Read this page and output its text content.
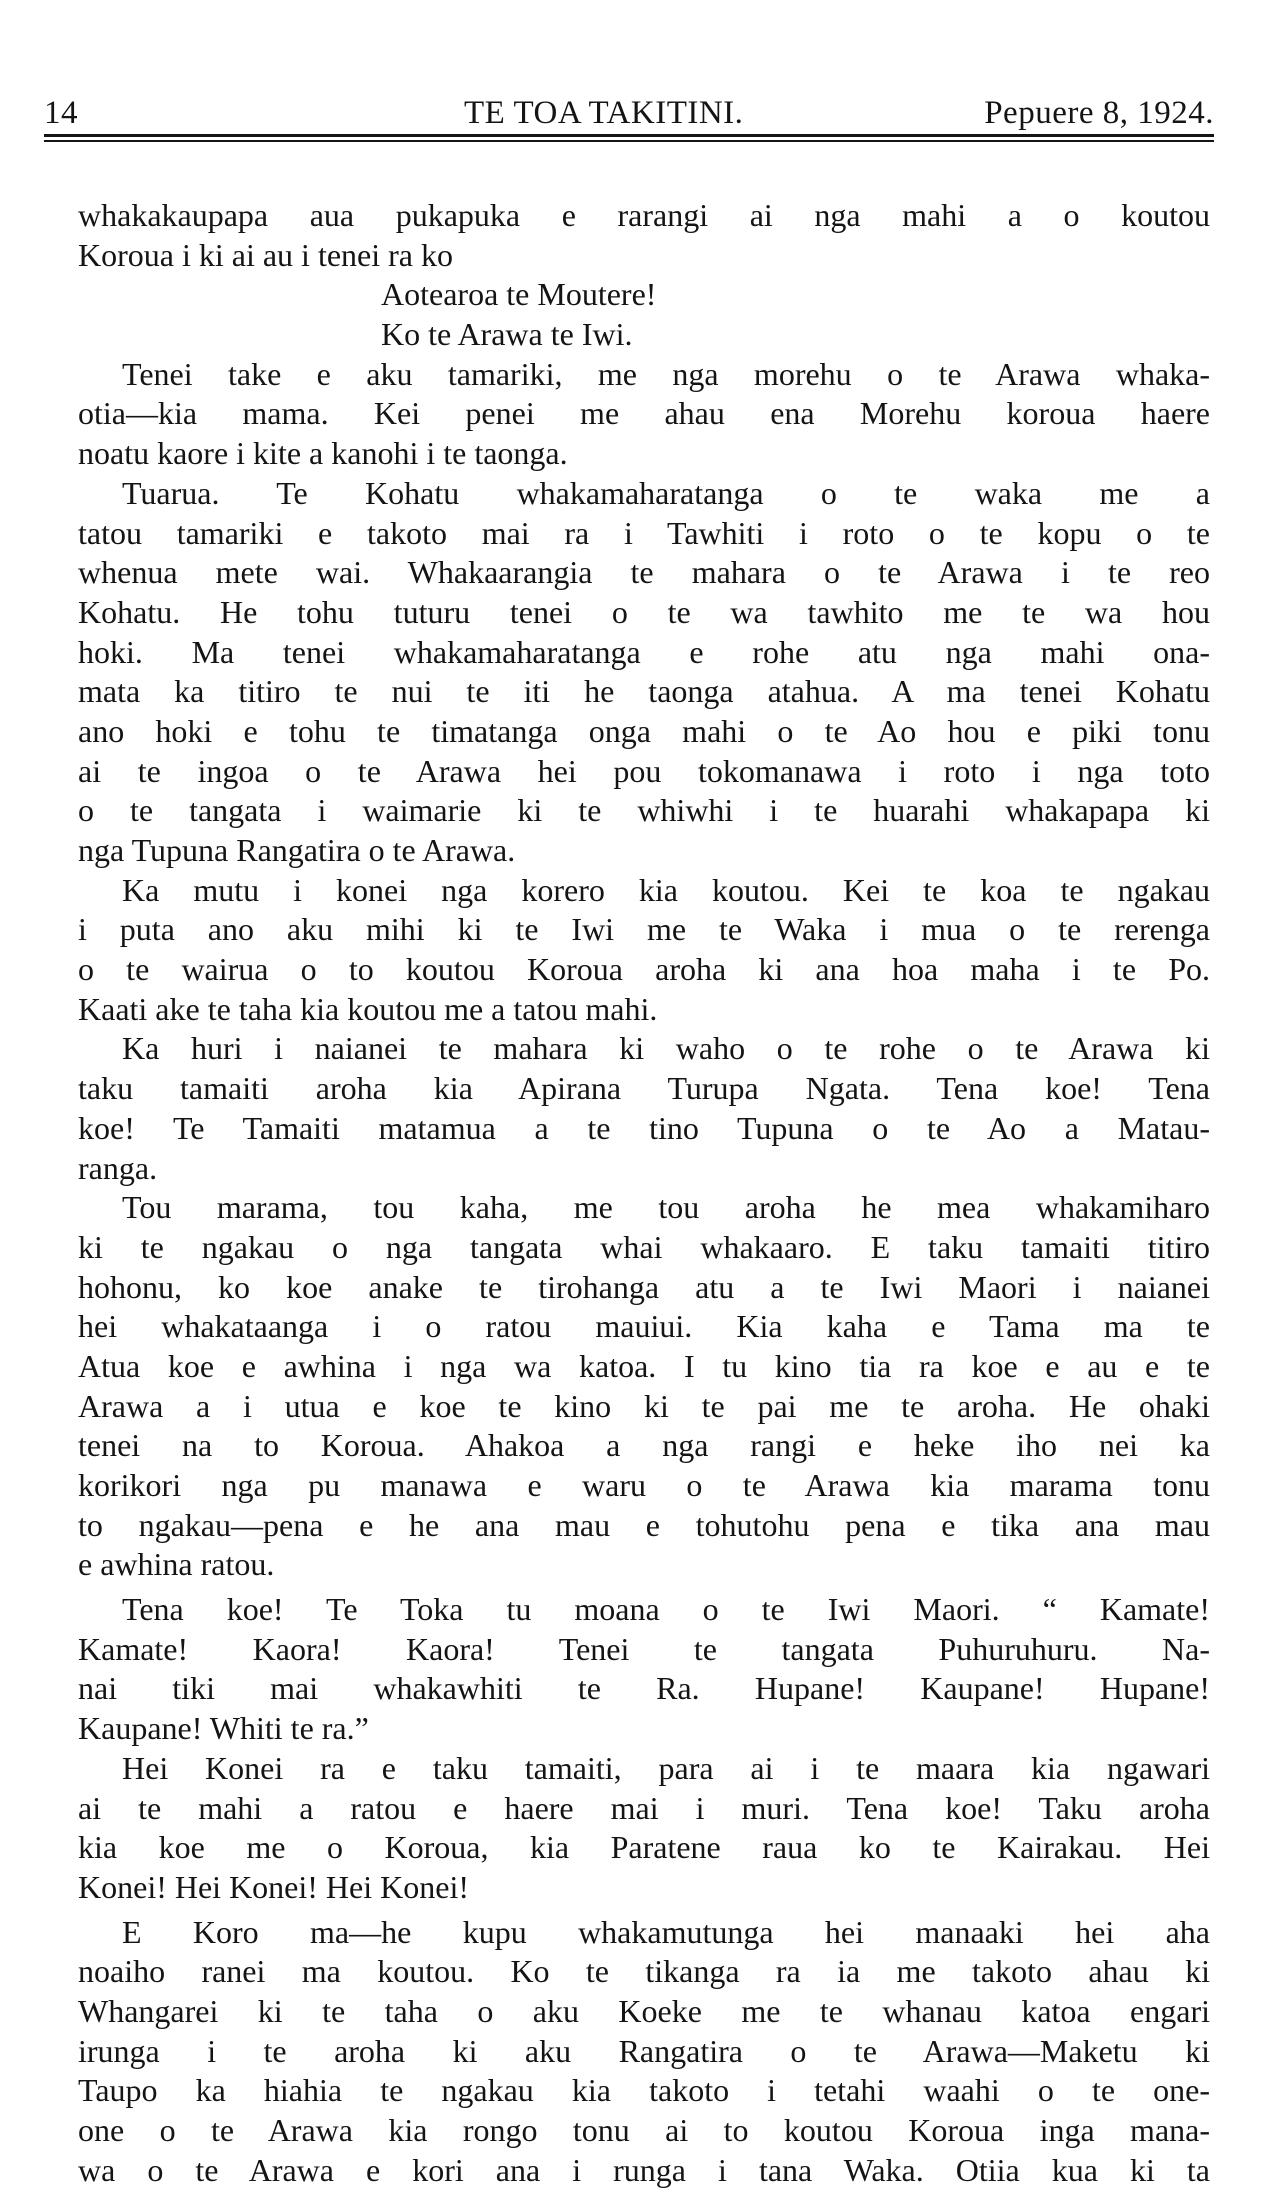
14	TE TOA TAKITINI.	Pepuere 8, 1924.
whakakaupapa aua pukapuka e rarangi ai nga mahi a o koutou
Koroua i ki ai au i tenei ra ko
Aotearoa te Moutere!
Ko te Arawa te Iwi.
Tenei take e aku tamariki, me nga morehu o te Arawa whaka-
otia—kia mama. Kei penei me ahau ena Morehu koroua haere
noatu kaore i kite a kanohi i te taonga.
Tuarua. Te Kohatu whakamaharatanga o te waka me a
tatou tamariki e takoto mai ra i Tawhiti i roto o te kopu o te
whenua mete wai. Whakaarangia te mahara o te Arawa i te reo
Kohatu. He tohu tuturu tenei o te wa tawhito me te wa hou
hoki. Ma tenei whakamaharatanga e rohe atu nga mahi ona-
mata ka titiro te nui te iti he taonga atahua. A ma tenei Kohatu
ano hoki e tohu te timatanga onga mahi o te Ao hou e piki tonu
ai te ingoa o te Arawa hei pou tokomanawa i roto i nga toto
o te tangata i waimarie ki te whiwhi i te huarahi whakapapa ki
nga Tupuna Rangatira o te Arawa.
Ka mutu i konei nga korero kia koutou. Kei te koa te ngakau
i puta ano aku mihi ki te Iwi me te Waka i mua o te rerenga
o te wairua o to koutou Koroua aroha ki ana hoa maha i te Po.
Kaati ake te taha kia koutou me a tatou mahi.
Ka huri i naianei te mahara ki waho o te rohe o te Arawa ki
taku tamaiti aroha kia Apirana Turupa Ngata. Tena koe! Tena
koe! Te Tamaiti matamua a te tino Tupuna o te Ao a Matau-
ranga.
Tou marama, tou kaha, me tou aroha he mea whakamiharo
ki te ngakau o nga tangata whai whakaaro. E taku tamaiti titiro
hohonu, ko koe anake te tirohanga atu a te Iwi Maori i naianei
hei whakataanga i o ratou mauiui. Kia kaha e Tama ma te
Atua koe e awhina i nga wa katoa. I tu kino tia ra koe e au e te
Arawa a i utua e koe te kino ki te pai me te aroha. He ohaki
tenei na to Koroua. Ahakoa a nga rangi e heke iho nei ka
korikori nga pu manawa e waru o te Arawa kia marama tonu
to ngakau—pena e he ana mau e tohutohu pena e tika ana mau
e awhina ratou.
Tena koe! Te Toka tu moana o te Iwi Maori. “ Kamate!
Kamate! Kaora! Kaora! Tenei te tangata Puhuruhuru. Na-
nai tiki mai whakawhiti te Ra. Hupane! Kaupane! Hupane!
Kaupane! Whiti te ra.”
Hei Konei ra e taku tamaiti, para ai i te maara kia ngawari
ai te mahi a ratou e haere mai i muri. Tena koe! Taku aroha
kia koe me o Koroua, kia Paratene raua ko te Kairakau. Hei
Konei! Hei Konei! Hei Konei!
E Koro ma—he kupu whakamutunga hei manaaki hei aha
noaiho ranei ma koutou. Ko te tikanga ra ia me takoto ahau ki
Whangarei ki te taha o aku Koeke me te whanau katoa engari
irunga i te aroha ki aku Rangatira o te Arawa—Maketu ki
Taupo ka hiahia te ngakau kia takoto i tetahi waahi o te one-
one o te Arawa kia rongo tonu ai to koutou Koroua inga mana-
wa o te Arawa e kori ana i runga i tana Waka. Otiia kua ki ta
